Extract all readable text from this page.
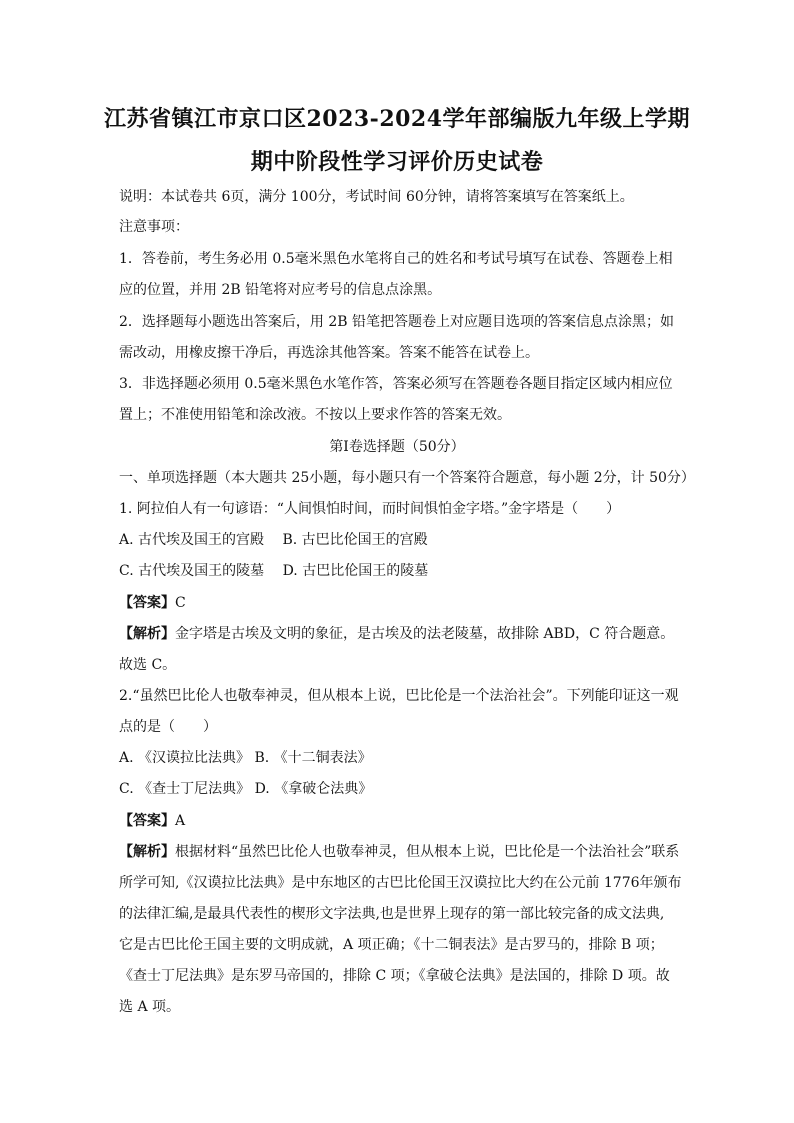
江苏省镇江市京口区2023-2024学年部编版九年级上学期
期中阶段性学习评价历史试卷
说明：本试卷共 6页，满分 100分，考试时间 60分钟，请将答案填写在答案纸上。
注意事项：
1．答卷前，考生务必用 0.5毫米黑色水笔将自己的姓名和考试号填写在试卷、答题卷上相
应的位置，并用 2B 铅笔将对应考号的信息点涂黑。
2．选择题每小题选出答案后，用 2B 铅笔把答题卷上对应题目选项的答案信息点涂黑；如
需改动，用橡皮擦干净后，再选涂其他答案。答案不能答在试卷上。
3．非选择题必须用 0.5毫米黑色水笔作答，答案必须写在答题卷各题目指定区域内相应位
置上；不准使用铅笔和涂改液。不按以上要求作答的答案无效。
第Ⅰ卷选择题（50分）
一、单项选择题（本大题共 25小题，每小题只有一个答案符合题意，每小题 2分，计 50分）
1. 阿拉伯人有一句谚语：“人间惧怕时间，而时间惧怕金字塔。”金字塔是（　　）
A. 古代埃及国王的宫殿　 B. 古巴比伦国王的宫殿
C. 古代埃及国王的陵墓　 D. 古巴比伦国王的陵墓
【答案】C
【解析】金字塔是古埃及文明的象征，是古埃及的法老陵墓，故排除 ABD，C 符合题意。
故选 C。
2.“虽然巴比伦人也敬奉神灵，但从根本上说，巴比伦是一个法治社会”。下列能印证这一观
点的是（　　）
A. 《汉谟拉比法典》 B. 《十二铜表法》
C. 《查士丁尼法典》 D. 《拿破仑法典》
【答案】A
【解析】根据材料“虽然巴比伦人也敬奉神灵，但从根本上说，巴比伦是一个法治社会”联系
所学可知,《汉谟拉比法典》是中东地区的古巴比伦国王汉谟拉比大约在公元前 1776年颁布
的法律汇编,是最具代表性的楔形文字法典,也是世界上现存的第一部比较完备的成文法典,
它是古巴比伦王国主要的文明成就，A 项正确；《十二铜表法》是古罗马的，排除 B 项；
《查士丁尼法典》是东罗马帝国的，排除 C 项；《拿破仑法典》是法国的，排除 D 项。故
选 A 项。
